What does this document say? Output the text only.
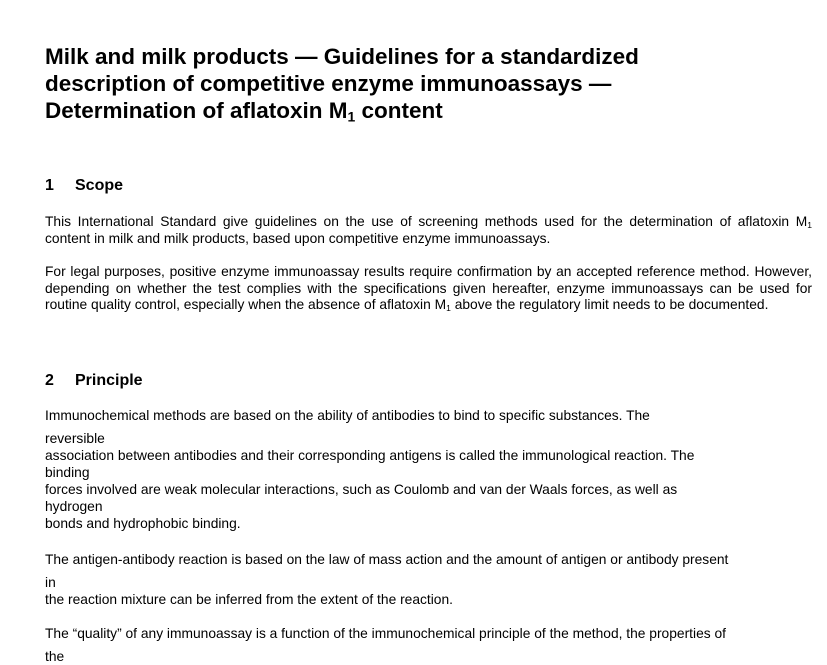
Milk and milk products — Guidelines for a standardized
description of competitive enzyme immunoassays —
Determination of aflatoxin $M_1$ content
1 Scope

This International Standard give guidelines on the use of screening methods used for the determination of aflatoxin $M_1$ content in milk and milk products, based upon competitive enzyme immunoassays.

For legal purposes, positive enzyme immunoassay results require confirmation by an accepted reference method. However, depending on whether the test complies with the specifications given hereafter, enzyme immunoassays can be used for routine quality control, especially when the absence of aflatoxin $M_1$ above the regulatory limit needs to be documented.

2 Principle

Immunochemical methods are based on the ability of antibodies to bind to specific substances. The
reversible
association between antibodies and their corresponding antigens is called the immunological reaction. The
binding
forces involved are weak molecular interactions, such as Coulomb and van der Waals forces, as well as
hydrogen
bonds and hydrophobic binding.

The antigen-antibody reaction is based on the law of mass action and the amount of antigen or antibody present
in
the reaction mixture can be inferred from the extent of the reaction.

The “quality” of any immunoassay is a function of the immunochemical principle of the method, the properties of
the
